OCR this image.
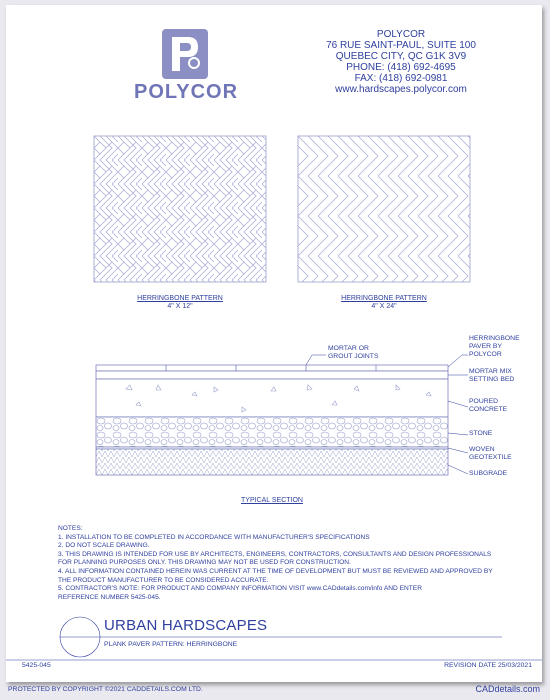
POLYCOR
POLYCOR
76 RUE SAINT-PAUL, SUITE 100
QUEBEC CITY, QC G1K 3V9
PHONE: (418) 692-4695
FAX: (418) 692-0981
www.hardscapes.polycor.com
HERRINGBONE PATTERN
4" X 12"
HERRINGBONE PATTERN
4" X 24"
MORTAR OR
GROUT JOINTS
HERRINGBONE
PAVER BY
POLYCOR
MORTAR MIX
SETTING BED
POURED
CONCRETE
STONE
WOVEN
GEOTEXTILE
SUBGRADE
TYPICAL SECTION
NOTES:
1. INSTALLATION TO BE COMPLETED IN ACCORDANCE WITH MANUFACTURER'S SPECIFICATIONS
2. DO NOT SCALE DRAWING.
3. THIS DRAWING IS INTENDED FOR USE BY ARCHITECTS, ENGINEERS, CONTRACTORS, CONSULTANTS AND DESIGN PROFESSIONALS
FOR PLANNING PURPOSES ONLY. THIS DRAWING MAY NOT BE USED FOR CONSTRUCTION.
4. ALL INFORMATION CONTAINED HEREIN WAS CURRENT AT THE TIME OF DEVELOPMENT BUT MUST BE REVIEWED AND APPROVED BY
THE PRODUCT MANUFACTURER TO BE CONSIDERED ACCURATE.
5. CONTRACTOR'S NOTE: FOR PRODUCT AND COMPANY INFORMATION VISIT www.CADdetails.com/info AND ENTER
REFERENCE NUMBER 5425-045.
URBAN HARDSCAPES
PLANK PAVER PATTERN: HERRINGBONE
5425-045	REVISION DATE 25/03/2021
PROTECTED BY COPYRIGHT ©2021 CADDETAILS.COM LTD.	CADdetails.com
